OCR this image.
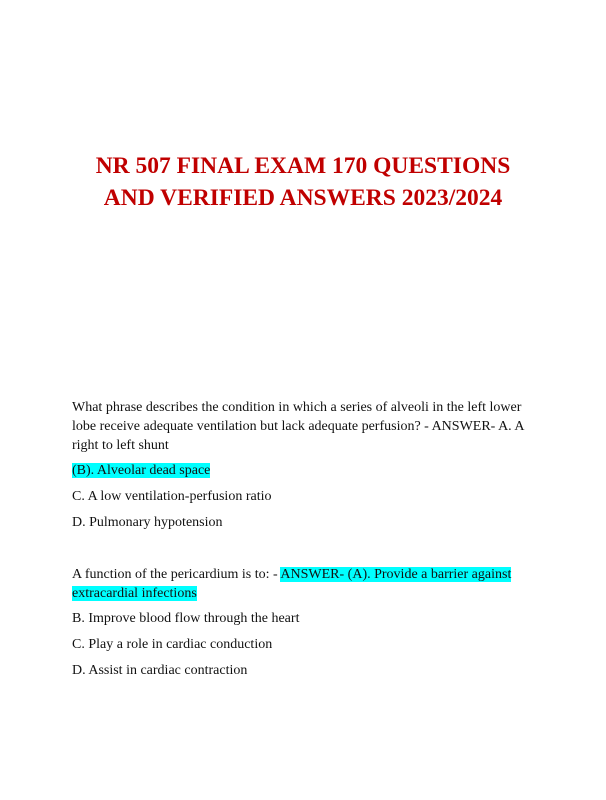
NR 507 FINAL EXAM 170 QUESTIONS
AND VERIFIED ANSWERS 2023/2024
What phrase describes the condition in which a series of alveoli in the left lower
lobe receive adequate ventilation but lack adequate perfusion? - ANSWER- A. A
right to left shunt
(B). Alveolar dead space
C. A low ventilation-perfusion ratio
D. Pulmonary hypotension
A function of the pericardium is to: - ANSWER- (A). Provide a barrier against
extracardial infections
B. Improve blood flow through the heart
C. Play a role in cardiac conduction
D. Assist in cardiac contraction
